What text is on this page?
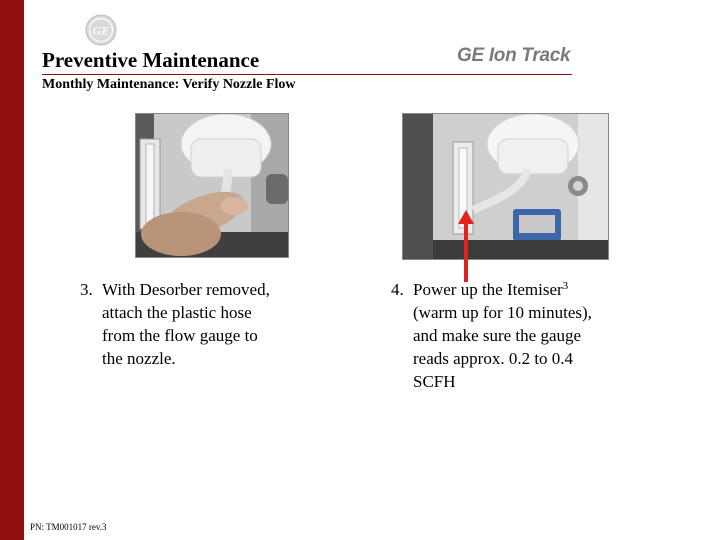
GE
Preventive Maintenance	GE Ion Track
Monthly Maintenance: Verify Nozzle Flow
3. With Desorber removed,
attach the plastic hose
from the flow gauge to
the nozzle.
4. Power up the Itemiser$^3$
(warm up for 10 minutes),
and make sure the gauge
reads approx. 0.2 to 0.4
SCFH
PN: TM001017 rev.3
